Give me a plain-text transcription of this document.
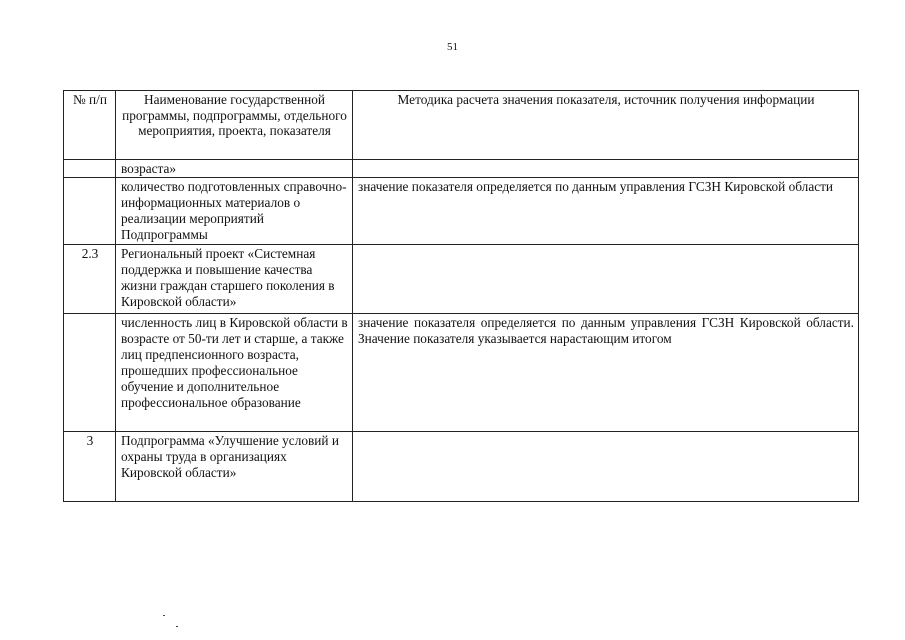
51
№ п/п	Наименование государственной программы, подпрограммы, отдельного мероприятия, проекта, показателя	Методика расчета значения показателя, источник получения информации
	возраста»	
	количество подготовленных справочно-информационных материалов о реализации мероприятий Подпрограммы	значение показателя определяется по данным управления ГСЗН Кировской области
2.3	Региональный проект «Системная поддержка и повышение качества жизни граждан старшего поколения в Кировской области»	
	численность лиц в Кировской области в возрасте от 50-ти лет и старше, а также лиц предпенсионного возраста, прошедших профессиональное обучение и дополнительное профессиональное образование	значение показателя определяется по данным управления ГСЗН Кировской области. Значение показателя указывается нарастающим итогом
3	Подпрограмма «Улучшение условий и охраны труда в организациях Кировской области»	
